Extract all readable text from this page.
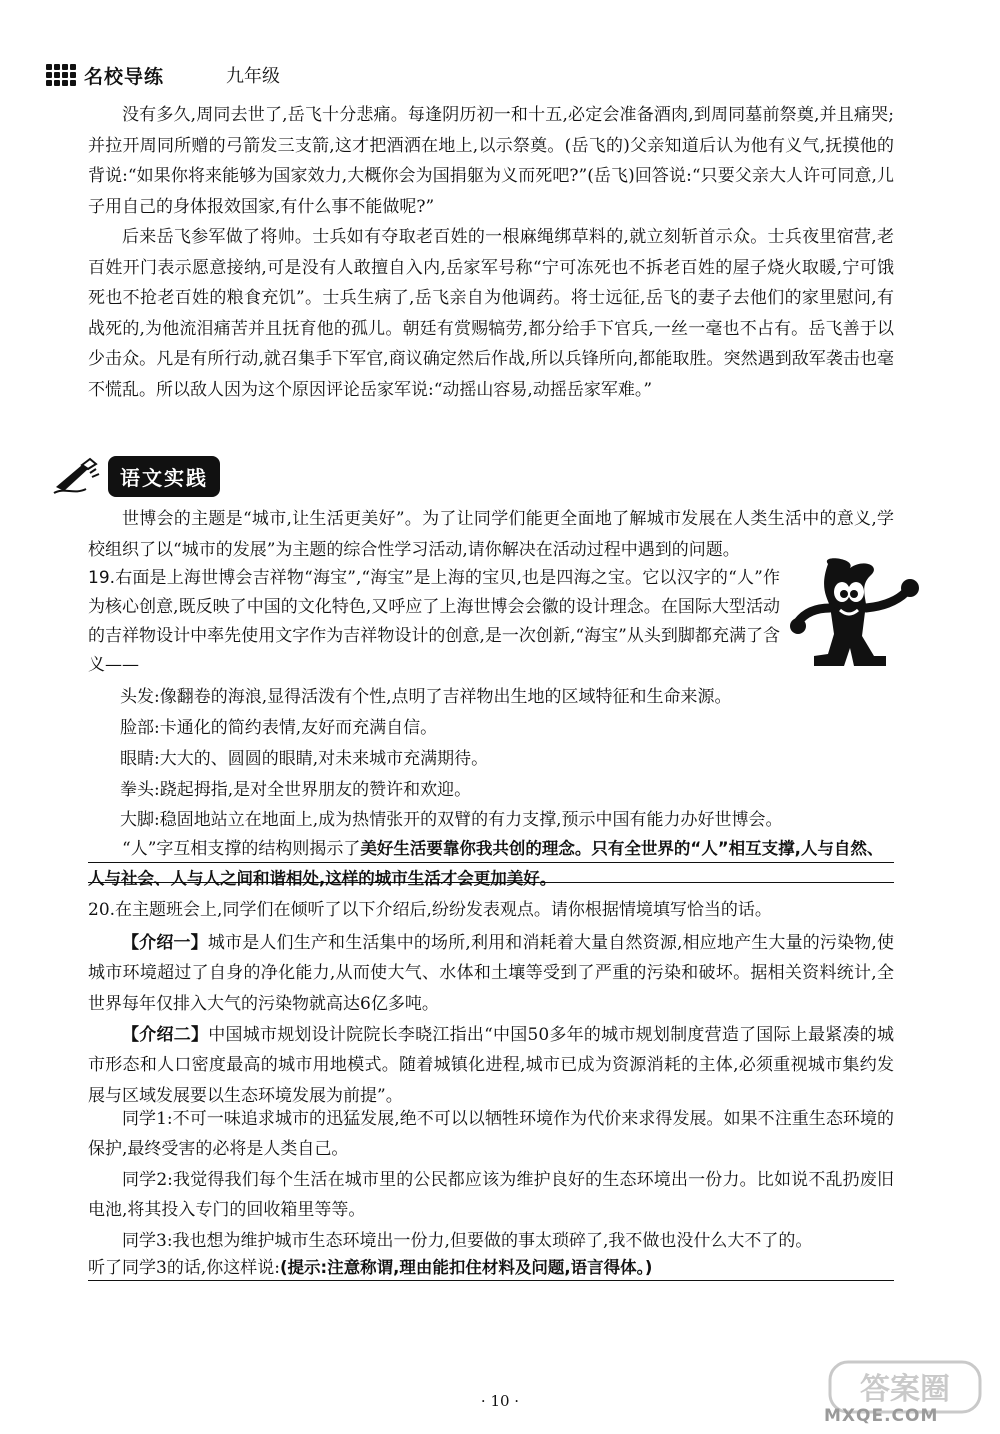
名校导练	九年级

没有多久,周同去世了,岳飞十分悲痛。每逢阴历初一和十五,必定会准备酒肉,到周同墓前祭奠,并且痛哭;并拉开周同所赠的弓箭发三支箭,这才把酒洒在地上,以示祭奠。(岳飞的)父亲知道后认为他有义气,抚摸他的背说:“如果你将来能够为国家效力,大概你会为国捐躯为义而死吧?”(岳飞)回答说:“只要父亲大人许可同意,儿子用自己的身体报效国家,有什么事不能做呢?”

后来岳飞参军做了将帅。士兵如有夺取老百姓的一根麻绳绑草料的,就立刻斩首示众。士兵夜里宿营,老百姓开门表示愿意接纳,可是没有人敢擅自入内,岳家军号称“宁可冻死也不拆老百姓的屋子烧火取暖,宁可饿死也不抢老百姓的粮食充饥”。士兵生病了,岳飞亲自为他调药。将士远征,岳飞的妻子去他们的家里慰问,有战死的,为他流泪痛苦并且抚育他的孤儿。朝廷有赏赐犒劳,都分给手下官兵,一丝一毫也不占有。岳飞善于以少击众。凡是有所行动,就召集手下军官,商议确定然后作战,所以兵锋所向,都能取胜。突然遇到敌军袭击也毫不慌乱。所以敌人因为这个原因评论岳家军说:“动摇山容易,动摇岳家军难。”

语文实践

世博会的主题是“城市,让生活更美好”。为了让同学们能更全面地了解城市发展在人类生活中的意义,学校组织了以“城市的发展”为主题的综合性学习活动,请你解决在活动过程中遇到的问题。

19.右面是上海世博会吉祥物“海宝”,“海宝”是上海的宝贝,也是四海之宝。它以汉字的“人”作为核心创意,既反映了中国的文化特色,又呼应了上海世博会会徽的设计理念。在国际大型活动的吉祥物设计中率先使用文字作为吉祥物设计的创意,是一次创新,“海宝”从头到脚都充满了含义——

头发:像翻卷的海浪,显得活泼有个性,点明了吉祥物出生地的区域特征和生命来源。

脸部:卡通化的简约表情,友好而充满自信。

眼睛:大大的、圆圆的眼睛,对未来城市充满期待。

拳头:跷起拇指,是对全世界朋友的赞许和欢迎。

大脚:稳固地站立在地面上,成为热情张开的双臂的有力支撑,预示中国有能力办好世博会。

“人”字互相支撑的结构则揭示了美好生活要靠你我共创的理念。只有全世界的“人”相互支撑,人与自然、人与社会、人与人之间和谐相处,这样的城市生活才会更加美好。

20.在主题班会上,同学们在倾听了以下介绍后,纷纷发表观点。请你根据情境填写恰当的话。

【介绍一】城市是人们生产和生活集中的场所,利用和消耗着大量自然资源,相应地产生大量的污染物,使城市环境超过了自身的净化能力,从而使大气、水体和土壤等受到了严重的污染和破坏。据相关资料统计,全世界每年仅排入大气的污染物就高达6亿多吨。

【介绍二】中国城市规划设计院院长李晓江指出“中国50多年的城市规划制度营造了国际上最紧凑的城市形态和人口密度最高的城市用地模式。随着城镇化进程,城市已成为资源消耗的主体,必须重视城市集约发展与区域发展要以生态环境发展为前提”。

同学1:不可一味追求城市的迅猛发展,绝不可以以牺牲环境作为代价来求得发展。如果不注重生态环境的保护,最终受害的必将是人类自己。

同学2:我觉得我们每个生活在城市里的公民都应该为维护良好的生态环境出一份力。比如说不乱扔废旧电池,将其投入专门的回收箱里等等。

同学3:我也想为维护城市生态环境出一份力,但要做的事太琐碎了,我不做也没什么大不了的。

听了同学3的话,你这样说:(提示:注意称谓,理由能扣住材料及问题,语言得体。)

· 10 ·	答案圈
MXQE.COM
